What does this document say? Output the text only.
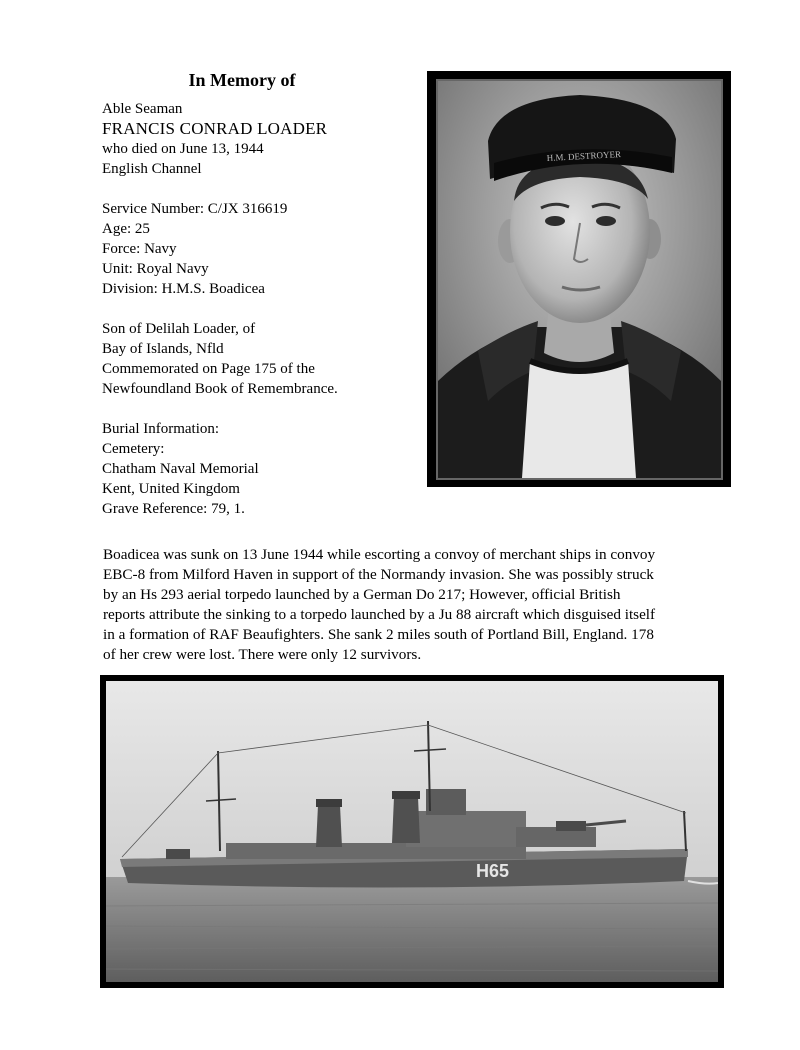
In Memory of
Able Seaman
FRANCIS CONRAD LOADER
who died on June 13, 1944
English Channel
Service Number: C/JX 316619
Age: 25
Force: Navy
Unit: Royal Navy
Division: H.M.S. Boadicea
Son of Delilah Loader, of
Bay of Islands, Nfld
Commemorated on Page 175 of the
Newfoundland Book of Remembrance.
Burial Information:
Cemetery:
Chatham Naval Memorial
Kent, United Kingdom
Grave Reference: 79, 1.
H.M. DESTROYER
Boadicea was sunk on 13 June 1944 while escorting a convoy of merchant ships in convoy
EBC-8 from Milford Haven in support of the Normandy invasion. She was possibly struck
by an Hs 293 aerial torpedo launched by a German Do 217; However, official British
reports attribute the sinking to a torpedo launched by a Ju 88 aircraft which disguised itself
in a formation of RAF Beaufighters. She sank 2 miles south of Portland Bill, England. 178
of her crew were lost. There were only 12 survivors.
H65
